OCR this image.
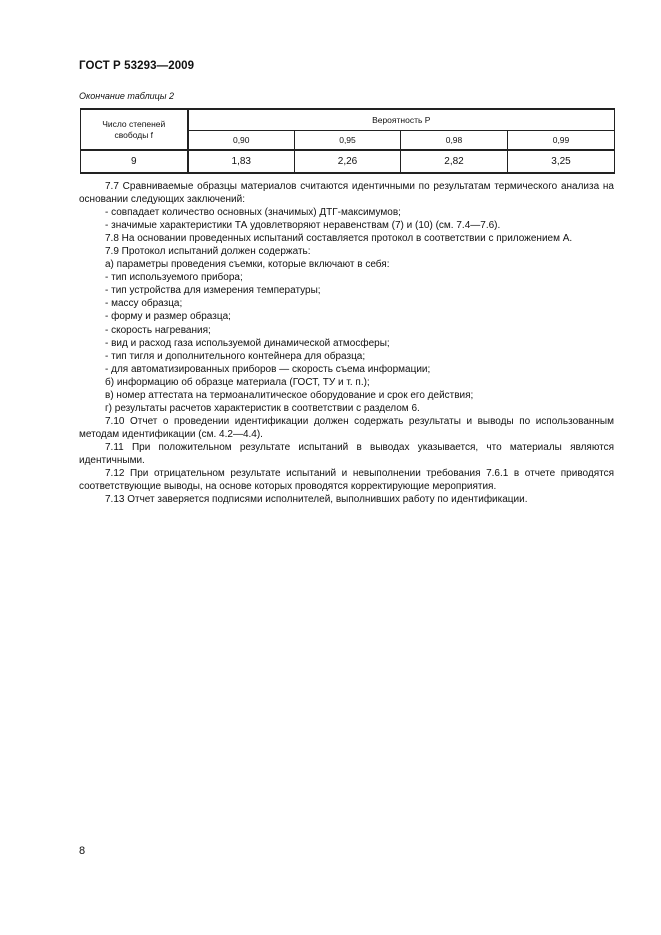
ГОСТ Р 53293—2009
Окончание таблицы 2
Число степеней
свободы f	Вероятность P			
	0,90	0,95	0,98	0,99
9	1,83	2,26	2,82	3,25

7.7 Сравниваемые образцы материалов считаются идентичными по результатам термического анализа на основании следующих заключений:

- совпадает количество основных (значимых) ДТГ-максимумов;

- значимые характеристики ТА удовлетворяют неравенствам (7) и (10) (см. 7.4—7.6).

7.8 На основании проведенных испытаний составляется протокол в соответствии с приложением А.

7.9 Протокол испытаний должен содержать:

а) параметры проведения съемки, которые включают в себя:

- тип используемого прибора;

- тип устройства для измерения температуры;

- массу образца;

- форму и размер образца;

- скорость нагревания;

- вид и расход газа используемой динамической атмосферы;

- тип тигля и дополнительного контейнера для образца;

- для автоматизированных приборов — скорость съема информации;

б) информацию об образце материала (ГОСТ, ТУ и т. п.);

в) номер аттестата на термоаналитическое оборудование и срок его действия;

г) результаты расчетов характеристик в соответствии с разделом 6.

7.10 Отчет о проведении идентификации должен содержать результаты и выводы по использованным методам идентификации (см. 4.2—4.4).

7.11 При положительном результате испытаний в выводах указывается, что материалы являются идентичными.

7.12 При отрицательном результате испытаний и невыполнении требования 7.6.1 в отчете приводятся соответствующие выводы, на основе которых проводятся корректирующие мероприятия.

7.13 Отчет заверяется подписями исполнителей, выполнивших работу по идентификации.

8
